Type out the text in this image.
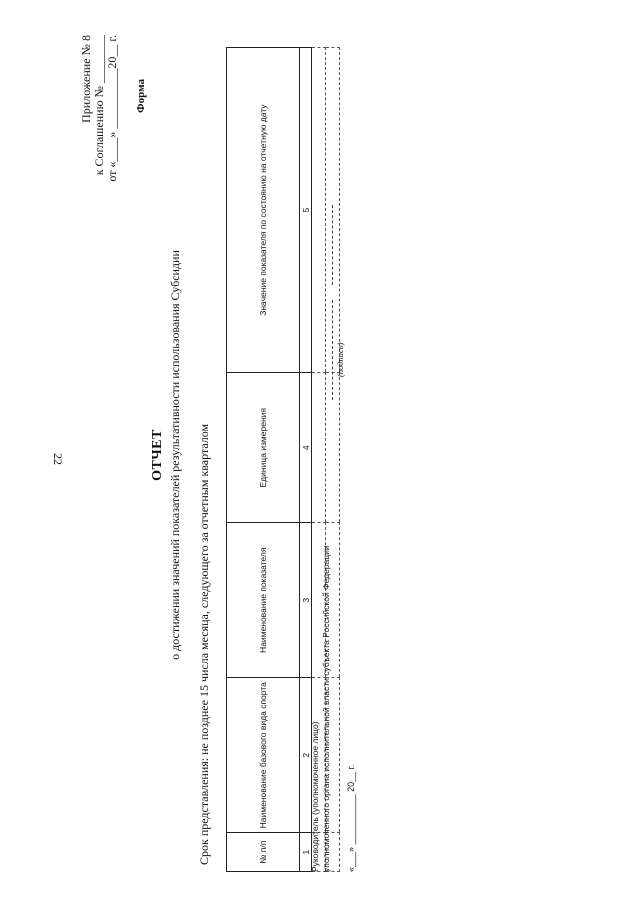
22
Приложение № 8 к Соглашению № ________ от «____» __________20__ г. Форма
ОТЧЕТ о достижении значений показателей результативности использования Субсидии Срок представления: не позднее 15 числа месяца, следующего за отчетным кварталом	№ п/п	Наименование базового вида спорта	Наименование показателя	Единица измерения	Значение показателя по состоянию на отчетную дату
1	2	3	4	5

Руководитель (уполномоченное лицо) уполномоченного органа исполнительной власти субъекта Российской Федерации
(подпись)
«___» __________ 20__ г.
